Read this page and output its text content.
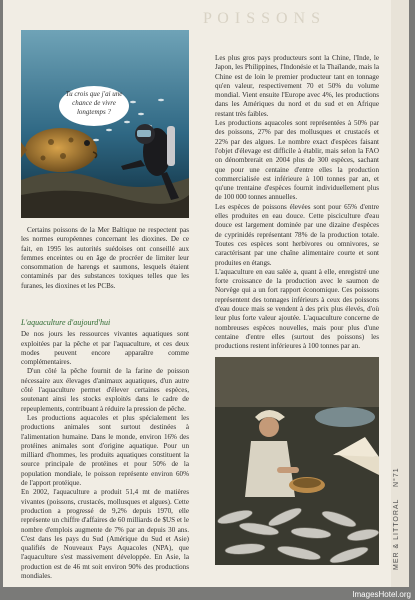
P O I S S O N S
Tu crois que j'ai une chance de vivre longtemps ?

Certains poissons de la Mer Baltique ne respectent pas les normes européennes concernant les dioxines. De ce fait, en 1995 les autorités suédoises ont conseillé aux femmes enceintes ou en âge de procréer de limiter leur consommation de harengs et saumons, lesquels étaient contaminés par des substances toxiques telles que les furanes, les dioxines et les PCBs.

L'aquaculture d'aujourd'hui

De nos jours les ressources vivantes aquatiques sont exploitées par la pêche et par l'aquaculture, et ces deux modes peuvent encore apparaître comme complémentaires.

D'un côté la pêche fournit de la farine de poisson nécessaire aux élevages d'animaux aquatiques, d'un autre côté l'aquaculture permet d'élever certaines espèces, soutenant ainsi les stocks exploités dans le cadre de repeuplements, contribuant à réduire la pression de pêche.

Les productions aquacoles et plus spécialement les productions animales sont surtout destinées à l'alimentation humaine. Dans le monde, environ 16% des protéines animales sont d'origine aquatique. Pour un milliard d'hommes, les produits aquatiques constituent la source principale de protéines et pour 50% de la population mondiale, le poisson représente environ 60% de l'apport protéique.

En 2002, l'aquaculture a produit 51,4 mt de matières vivantes (poissons, crustacés, mollusques et algues). Cette production a progressé de 9,2% depuis 1970, elle représente un chiffre d'affaires de 60 milliards de $US et le nombre d'emplois augmente de 7% par an depuis 30 ans. C'est dans les pays du Sud (Amérique du Sud et Asie) qualifiés de Nouveaux Pays Aquacoles (NPA), que l'aquaculture s'est massivement développée. En Asie, la production est de 46 mt soit environ 90% des productions mondiales.

Les plus gros pays producteurs sont la Chine, l'Inde, le Japon, les Philippines, l'Indonésie et la Thaïlande, mais la Chine est de loin le premier producteur tant en tonnage qu'en valeur, respectivement 70 et 50% du volume mondial. Vient ensuite l'Europe avec 4%, les productions dans les Amériques du nord et du sud et en Afrique restant très faibles.

Les productions aquacoles sont représentées à 50% par des poissons, 27% par des mollusques et crustacés et 22% par des algues. Le nombre exact d'espèces faisant l'objet d'élevage est difficile à établir, mais selon la FAO on dénombrerait en 2004 plus de 300 espèces, sachant que pour une centaine d'entre elles la production commercialisée est inférieure à 100 tonnes par an, et qu'une trentaine d'espèces fournit individuellement plus de 100 000 tonnes annuelles.

Les espèces de poissons élevées sont pour 65% d'entre elles produites en eau douce. Cette pisciculture d'eau douce est largement dominée par une dizaine d'espèces de cyprinidés représentant 78% de la production totale. Toutes ces espèces sont herbivores ou omnivores, se caractérisant par une chaîne alimentaire courte et sont produites en étangs.

L'aquaculture en eau salée a, quant à elle, enregistré une forte croissance de la production avec le saumon de Norvège qui a un fort rapport économique. Ces poissons représentent des tonnages inférieurs à ceux des poissons d'eau douce mais se vendent à des prix plus élevés, d'où leur plus forte valeur ajoutée. L'aquaculture concerne de nombreuses espèces nouvelles, mais pour plus d'une centaine d'entre elles (surtout des poissons) les productions restent inférieures à 100 tonnes par an.

MER & LITTORAL    N°71
ImagesHotel.org
